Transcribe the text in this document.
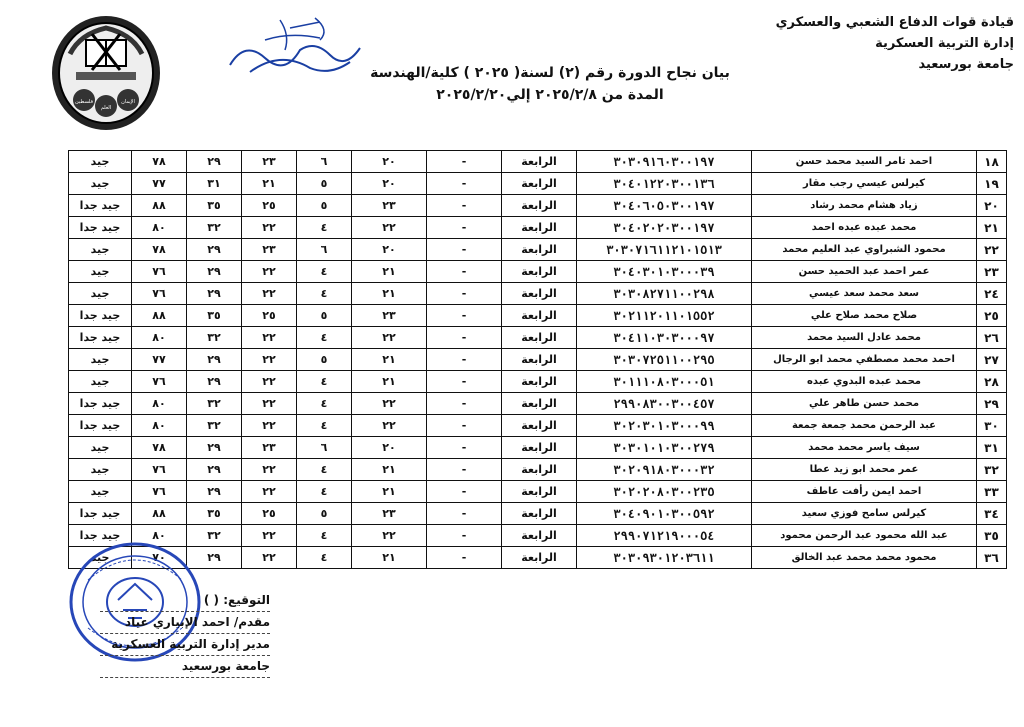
قيادة قوات الدفاع الشعبي والعسكري
إدارة التربية العسكرية
جامعة بورسعيد
فلسطين
العلم
الإيمان
بيان نجاح الدورة رقم (٢) لسنة( ٢٠٢٥ ) كلية/الهندسة
المدة من ٢٠٢٥/٢/٨ إلي٢٠٢٥/٢/٢٠
١٨	احمد تامر السيد محمد حسن	٣٠٣٠٩١٦٠٣٠٠١٩٧	الرابعة	-	٢٠	٦	٢٣	٢٩	٧٨	جيد
١٩	كيرلس عيسي رجب مقار	٣٠٤٠١٢٢٠٣٠٠١٣٦	الرابعة	-	٢٠	٥	٢١	٣١	٧٧	جيد
٢٠	زياد هشام محمد رشاد	٣٠٤٠٦٠٥٠٣٠٠١٩٧	الرابعة	-	٢٣	٥	٢٥	٣٥	٨٨	جيد جدا
٢١	محمد عبده عبده احمد	٣٠٤٠٢٠٢٠٣٠٠١٩٧	الرابعة	-	٢٢	٤	٢٢	٣٢	٨٠	جيد جدا
٢٢	محمود الشبراوي عبد العليم محمد	٣٠٣٠٧١٦١١٢١٠١٥١٣	الرابعة	-	٢٠	٦	٢٣	٢٩	٧٨	جيد
٢٣	عمر احمد عبد الحميد حسن	٣٠٤٠٣٠١٠٣٠٠٠٣٩	الرابعة	-	٢١	٤	٢٢	٢٩	٧٦	جيد
٢٤	سعد محمد سعد عيسي	٣٠٣٠٨٢٧١١٠٠٢٩٨	الرابعة	-	٢١	٤	٢٢	٢٩	٧٦	جيد
٢٥	صلاح محمد صلاح علي	٣٠٢١١٢٠١١٠١٥٥٢	الرابعة	-	٢٣	٥	٢٥	٣٥	٨٨	جيد جدا
٢٦	محمد عادل السيد محمد	٣٠٤١١٠٣٠٣٠٠٠٩٧	الرابعة	-	٢٢	٤	٢٢	٣٢	٨٠	جيد جدا
٢٧	احمد محمد مصطفي محمد ابو الرجال	٣٠٣٠٧٢٥١١٠٠٢٩٥	الرابعة	-	٢١	٥	٢٢	٢٩	٧٧	جيد
٢٨	محمد عبده البدوي عبده	٣٠١١١٠٨٠٣٠٠٠٥١	الرابعة	-	٢١	٤	٢٢	٢٩	٧٦	جيد
٢٩	محمد حسن طاهر علي	٢٩٩٠٨٣٠٠٣٠٠٤٥٧	الرابعة	-	٢٢	٤	٢٢	٣٢	٨٠	جيد جدا
٣٠	عبد الرحمن محمد جمعة جمعة	٣٠٢٠٣٠١٠٣٠٠٠٩٩	الرابعة	-	٢٢	٤	٢٢	٣٢	٨٠	جيد جدا
٣١	سيف ياسر محمد محمد	٣٠٣٠١٠١٠٣٠٠٢٧٩	الرابعة	-	٢٠	٦	٢٣	٢٩	٧٨	جيد
٣٢	عمر محمد ابو زيد عطا	٣٠٢٠٩١٨٠٣٠٠٠٣٢	الرابعة	-	٢١	٤	٢٢	٢٩	٧٦	جيد
٣٣	احمد ايمن رأفت عاطف	٣٠٢٠٢٠٨٠٣٠٠٢٣٥	الرابعة	-	٢١	٤	٢٢	٢٩	٧٦	جيد
٣٤	كيرلس سامح فوزي سعيد	٣٠٤٠٩٠١٠٣٠٠٥٩٢	الرابعة	-	٢٣	٥	٢٥	٣٥	٨٨	جيد جدا
٣٥	عبد الله محمود عبد الرحمن محمود	٢٩٩٠٧١٢١٩٠٠٠٥٤	الرابعة	-	٢٢	٤	٢٢	٣٢	٨٠	جيد جدا
٣٦	محمود محمد محمد عبد الخالق	٣٠٣٠٩٣٠١٢٠٣٦١١	الرابعة	-	٢١	٤	٢٢	٢٩	٧٠	جيد
التوقيع: ( )
مقدم/ احمد الإبياري عياد
مدير إدارة التربية العسكرية
جامعة بورسعيد
